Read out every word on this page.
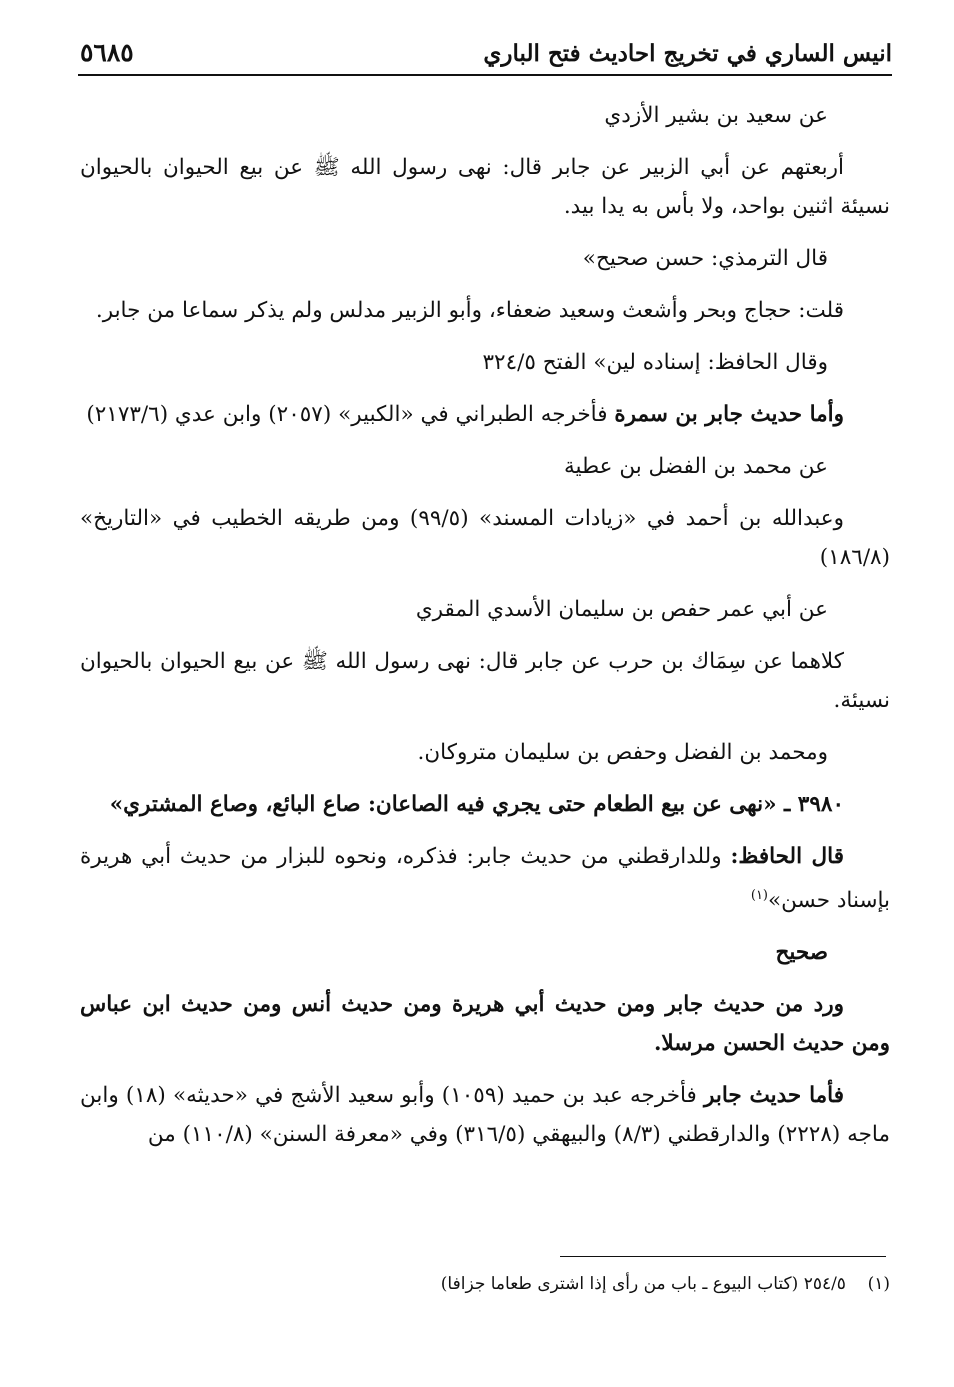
انيس الساري في تخريج احاديث فتح الباري
٥٦٨٥

عن سعيد بن بشير الأزدي

أربعتهم عن أبي الزبير عن جابر قال: نهى رسول الله ﷺ عن بيع الحيوان بالحيوان نسيئة اثنين بواحد، ولا بأس به يدا بيد.

قال الترمذي: حسن صحيح»

قلت: حجاج وبحر وأشعث وسعيد ضعفاء، وأبو الزبير مدلس ولم يذكر سماعا من جابر.

وقال الحافظ: إسناده لين» الفتح ٣٢٤/٥

وأما حديث جابر بن سمرة فأخرجه الطبراني في «الكبير» (٢٠٥٧) وابن عدي (٢١٧٣/٦)

عن محمد بن الفضل بن عطية

وعبدالله بن أحمد في «زيادات المسند» (٩٩/٥) ومن طريقه الخطيب في «التاريخ» (١٨٦/٨)

عن أبي عمر حفص بن سليمان الأسدي المقري

كلاهما عن سِمَاك بن حرب عن جابر قال: نهى رسول الله ﷺ عن بيع الحيوان بالحيوان نسيئة.

ومحمد بن الفضل وحفص بن سليمان متروكان.

٣٩٨٠ ـ «نهى عن بيع الطعام حتى يجري فيه الصاعان: صاع البائع، وصاع المشتري»

قال الحافظ: وللدارقطني من حديث جابر: فذكره، ونحوه للبزار من حديث أبي هريرة بإسناد حسن»$^{(١)}$

صحيح

ورد من حديث جابر ومن حديث أبي هريرة ومن حديث أنس ومن حديث ابن عباس ومن حديث الحسن مرسلا.

فأما حديث جابر فأخرجه عبد بن حميد (١٠٥٩) وأبو سعيد الأشج في «حديثه» (١٨) وابن ماجه (٢٢٢٨) والدارقطني (٨/٣) والبيهقي (٣١٦/٥) وفي «معرفة السنن» (١١٠/٨) من

(١)    ٢٥٤/٥ (كتاب البيوع ـ باب من رأى إذا اشترى طعاما جزافا)
